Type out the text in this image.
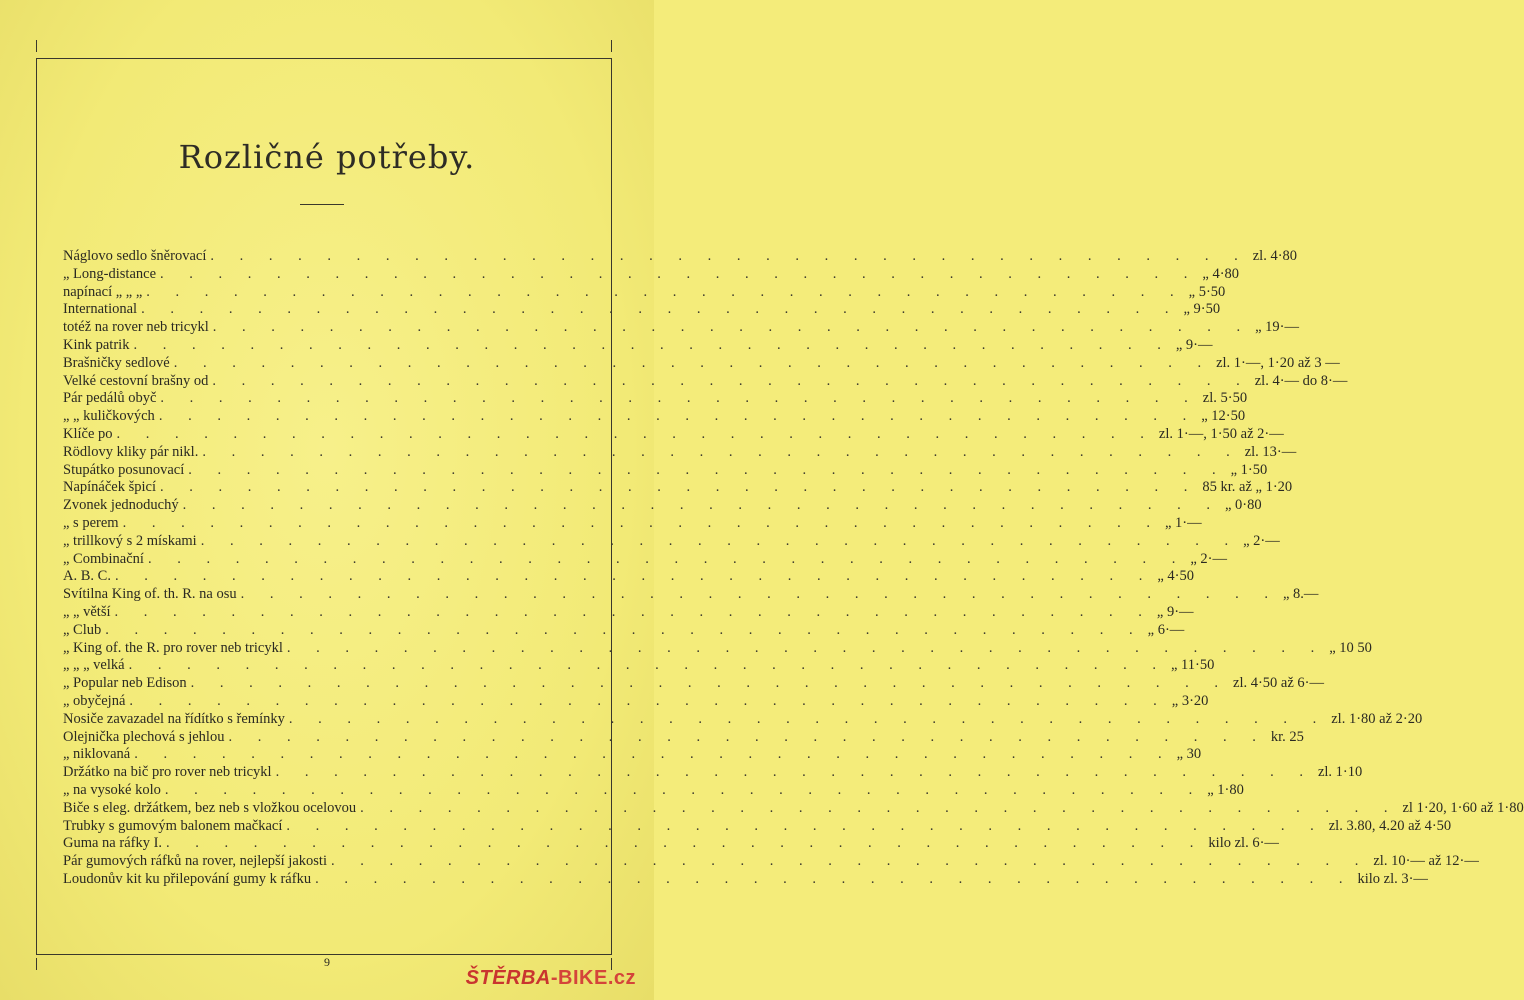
Rozličné potřeby.
Náglovo sedlo šněrovací . . . . . . . . . . . . . . . . . . . . . . . . . . . . . . . . . . . . zl. 4·80
„ Long-distance . . . . . . . . . . . . . . . . . . . . . . . . . . . . . . . . . . . . „ 4·80
napínací „ „ „ . . . . . . . . . . . . . . . . . . . . . . . . . . . . . . . . . . . . „ 5·50
International . . . . . . . . . . . . . . . . . . . . . . . . . . . . . . . . . . . . „ 9·50
totéž na rover neb tricykl . . . . . . . . . . . . . . . . . . . . . . . . . . . . . . . . . . . . „ 19·—
Kink patrik . . . . . . . . . . . . . . . . . . . . . . . . . . . . . . . . . . . . „ 9·—
Brašničky sedlové . . . . . . . . . . . . . . . . . . . . . . . . . . . . . . . . . . . . zl. 1·—, 1·20 až 3 —
Velké cestovní brašny od . . . . . . . . . . . . . . . . . . . . . . . . . . . . . . . . . . . . zl. 4·— do 8·—
Pár pedálů obyč . . . . . . . . . . . . . . . . . . . . . . . . . . . . . . . . . . . . zl. 5·50
„ „ kuličkových . . . . . . . . . . . . . . . . . . . . . . . . . . . . . . . . . . . . „ 12·50
Klíče po . . . . . . . . . . . . . . . . . . . . . . . . . . . . . . . . . . . . zl. 1·—, 1·50 až 2·—
Rödlovy kliky pár nikl. . . . . . . . . . . . . . . . . . . . . . . . . . . . . . . . . . . . . zl. 13·—
Stupátko posunovací . . . . . . . . . . . . . . . . . . . . . . . . . . . . . . . . . . . . „ 1·50
Napínáček špicí . . . . . . . . . . . . . . . . . . . . . . . . . . . . . . . . . . . . 85 kr. až „ 1·20
Zvonek jednoduchý . . . . . . . . . . . . . . . . . . . . . . . . . . . . . . . . . . . . „ 0·80
„ s perem . . . . . . . . . . . . . . . . . . . . . . . . . . . . . . . . . . . . „ 1·—
„ trillkový s 2 mískami . . . . . . . . . . . . . . . . . . . . . . . . . . . . . . . . . . . . „ 2·—
„ Combinační . . . . . . . . . . . . . . . . . . . . . . . . . . . . . . . . . . . . „ 2·—
A. B. C. . . . . . . . . . . . . . . . . . . . . . . . . . . . . . . . . . . . . „ 4·50
Svítilna King of. th. R. na osu . . . . . . . . . . . . . . . . . . . . . . . . . . . . . . . . . . . . „ 8.—
„ „ větší . . . . . . . . . . . . . . . . . . . . . . . . . . . . . . . . . . . . „ 9·—
„ Club . . . . . . . . . . . . . . . . . . . . . . . . . . . . . . . . . . . . „ 6·—
„ King of. the R. pro rover neb tricykl . . . . . . . . . . . . . . . . . . . . . . . . . . . . . . . . . . . . „ 10 50
„ „ „ velká . . . . . . . . . . . . . . . . . . . . . . . . . . . . . . . . . . . . „ 11·50
„ Popular neb Edison . . . . . . . . . . . . . . . . . . . . . . . . . . . . . . . . . . . . zl. 4·50 až 6·—
„ obyčejná . . . . . . . . . . . . . . . . . . . . . . . . . . . . . . . . . . . . „ 3·20
Nosiče zavazadel na řídítko s řemínky . . . . . . . . . . . . . . . . . . . . . . . . . . . . . . . . . . . . zl. 1·80 až 2·20
Olejnička plechová s jehlou . . . . . . . . . . . . . . . . . . . . . . . . . . . . . . . . . . . . kr. 25
„ niklovaná . . . . . . . . . . . . . . . . . . . . . . . . . . . . . . . . . . . . „ 30
Držátko na bič pro rover neb tricykl . . . . . . . . . . . . . . . . . . . . . . . . . . . . . . . . . . . . zl. 1·10
„ na vysoké kolo . . . . . . . . . . . . . . . . . . . . . . . . . . . . . . . . . . . . „ 1·80
Biče s eleg. držátkem, bez neb s vložkou ocelovou . . . . . . . . . . . . . . . . . . . . . . . . . . . . . . . . . . . . zl 1·20, 1·60 až 1·80
Trubky s gumovým balonem mačkací . . . . . . . . . . . . . . . . . . . . . . . . . . . . . . . . . . . . zl. 3.80, 4.20 až 4·50
Guma na ráfky I. . . . . . . . . . . . . . . . . . . . . . . . . . . . . . . . . . . . . kilo zl. 6·—
Pár gumových ráfků na rover, nejlepší jakosti . . . . . . . . . . . . . . . . . . . . . . . . . . . . . . . . . . . . zl. 10·— až 12·—
Loudonův kit ku přilepování gumy k ráfku . . . . . . . . . . . . . . . . . . . . . . . . . . . . . . . . . . . . kilo zl. 3·—
9
ŠTĚRBA-BIKE.cz
